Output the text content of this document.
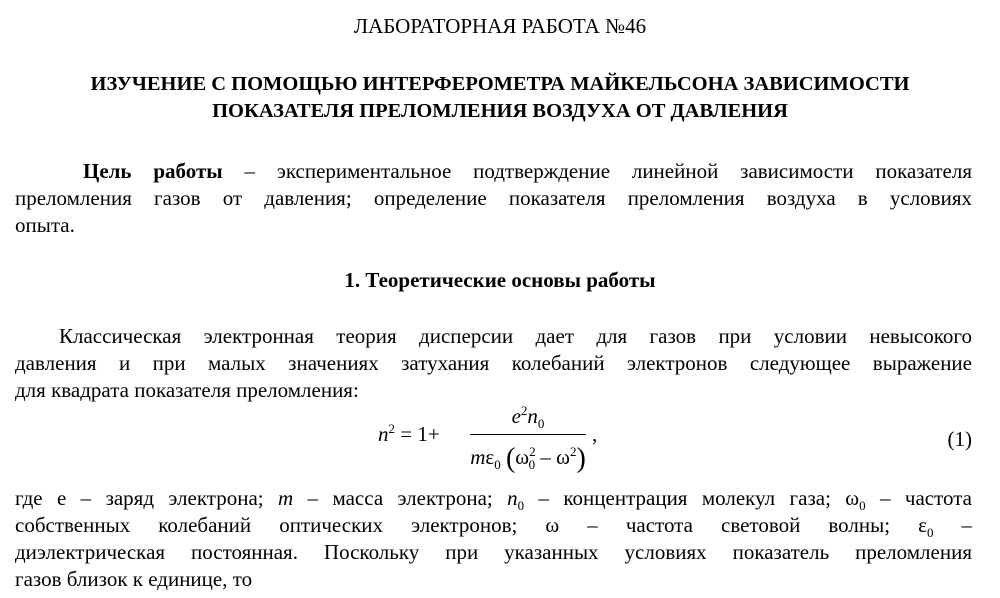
ЛАБОРАТОРНАЯ РАБОТА №46
ИЗУЧЕНИЕ С ПОМОЩЬЮ ИНТЕРФЕРОМЕТРА МАЙКЕЛЬСОНА ЗАВИСИМОСТИ
ПОКАЗАТЕЛЯ ПРЕЛОМЛЕНИЯ ВОЗДУХА ОТ ДАВЛЕНИЯ
Цель работы – экспериментальное подтверждение линейной зависимости показателя
преломления газов от давления; определение показателя преломления воздуха в условиях
опыта.
1. Теоретические основы работы
Классическая электронная теория дисперсии дает для газов при условии невысокого
давления и при малых значениях затухания колебаний электронов следующее выражение
для квадрата показателя преломления:
$n^2 = 1+$
$e^2n_0$
$m\varepsilon_0$ $(\omega^2_0 - \omega^2)$
,	(1)
где е – заряд электрона; m – масса электрона; $n_0$ – концентрация молекул газа; $\omega_0$ – частота
собственных колебаний оптических электронов; ω – частота световой волны; $\varepsilon_0$ –
диэлектрическая постоянная. Поскольку при указанных условиях показатель преломления
газов близок к единице, то
